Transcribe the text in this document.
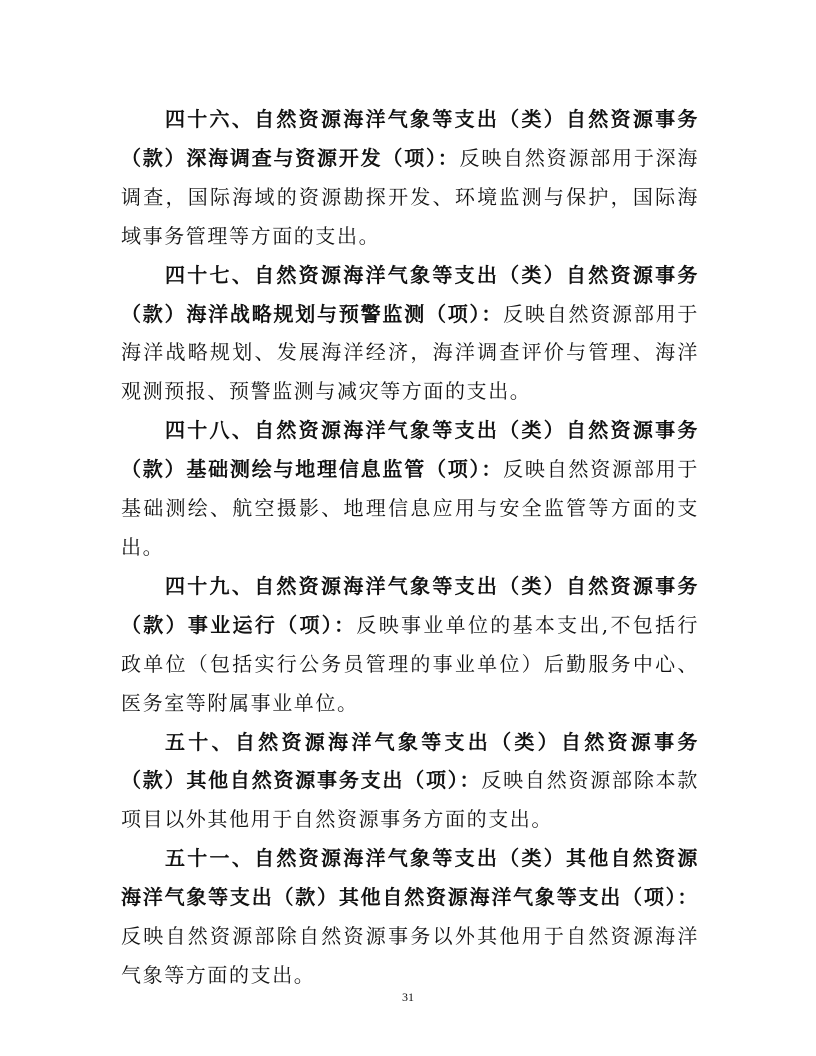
四十六、自然资源海洋气象等支出（类）自然资源事务（款）深海调查与资源开发（项）：反映自然资源部用于深海调查，国际海域的资源勘探开发、环境监测与保护，国际海域事务管理等方面的支出。

四十七、自然资源海洋气象等支出（类）自然资源事务（款）海洋战略规划与预警监测（项）：反映自然资源部用于海洋战略规划、发展海洋经济，海洋调查评价与管理、海洋观测预报、预警监测与减灾等方面的支出。

四十八、自然资源海洋气象等支出（类）自然资源事务（款）基础测绘与地理信息监管（项）：反映自然资源部用于基础测绘、航空摄影、地理信息应用与安全监管等方面的支出。

四十九、自然资源海洋气象等支出（类）自然资源事务（款）事业运行（项）：反映事业单位的基本支出,不包括行政单位（包括实行公务员管理的事业单位）后勤服务中心、医务室等附属事业单位。

五十、自然资源海洋气象等支出（类）自然资源事务（款）其他自然资源事务支出（项）：反映自然资源部除本款项目以外其他用于自然资源事务方面的支出。

五十一、自然资源海洋气象等支出（类）其他自然资源海洋气象等支出（款）其他自然资源海洋气象等支出（项）：反映自然资源部除自然资源事务以外其他用于自然资源海洋气象等方面的支出。

31
